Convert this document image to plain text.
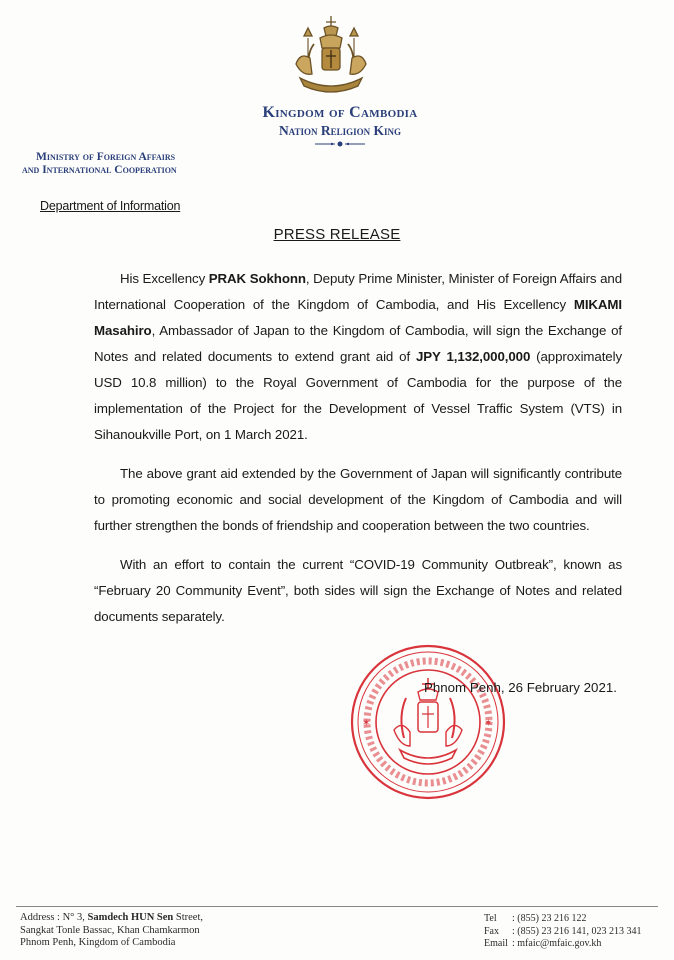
Kingdom of Cambodia
Nation Religion King
Ministry of Foreign Affairs
and International Cooperation
Department of Information
PRESS RELEASE

His Excellency PRAK Sokhonn, Deputy Prime Minister, Minister of Foreign Affairs and International Cooperation of the Kingdom of Cambodia, and His Excellency MIKAMI Masahiro, Ambassador of Japan to the Kingdom of Cambodia, will sign the Exchange of Notes and related documents to extend grant aid of JPY 1,132,000,000 (approximately USD 10.8 million) to the Royal Government of Cambodia for the purpose of the implementation of the Project for the Development of Vessel Traffic System (VTS) in Sihanoukville Port, on 1 March 2021.

The above grant aid extended by the Government of Japan will significantly contribute to promoting economic and social development of the Kingdom of Cambodia and will further strengthen the bonds of friendship and cooperation between the two countries.

With an effort to contain the current “COVID-19 Community Outbreak”, known as “February 20 Community Event”, both sides will sign the Exchange of Notes and related documents separately.

✶	✶
Phnom Penh, 26 February 2021.
Address : N° 3, Samdech HUN Sen Street,
Sangkat Tonle Bassac, Khan Chamkarmon
Phnom Penh, Kingdom of Cambodia
Tel : (855) 23 216 122
Fax : (855) 23 216 141, 023 213 341
Email : mfaic@mfaic.gov.kh
